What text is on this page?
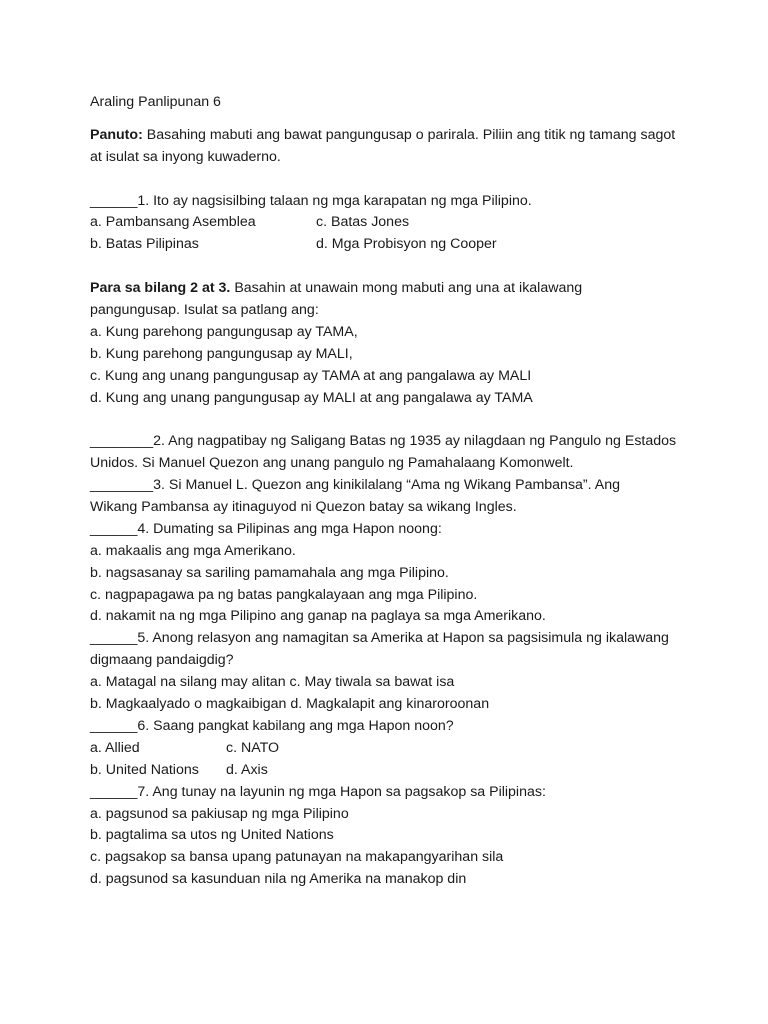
Araling Panlipunan 6
Panuto: Basahing mabuti ang bawat pangungusap o parirala. Piliin ang titik ng tamang sagot
at isulat sa inyong kuwaderno.
______1. Ito ay nagsisilbing talaan ng mga karapatan ng mga Pilipino.
a. Pambansang Asemblea	c. Batas Jones
b. Batas Pilipinas	d. Mga Probisyon ng Cooper
Para sa bilang 2 at 3. Basahin at unawain mong mabuti ang una at ikalawang
pangungusap. Isulat sa patlang ang:
a. Kung parehong pangungusap ay TAMA,
b. Kung parehong pangungusap ay MALI,
c. Kung ang unang pangungusap ay TAMA at ang pangalawa ay MALI
d. Kung ang unang pangungusap ay MALI at ang pangalawa ay TAMA
________2. Ang nagpatibay ng Saligang Batas ng 1935 ay nilagdaan ng Pangulo ng Estados
Unidos. Si Manuel Quezon ang unang pangulo ng Pamahalaang Komonwelt.
________3. Si Manuel L. Quezon ang kinikilalang “Ama ng Wikang Pambansa”. Ang
Wikang Pambansa ay itinaguyod ni Quezon batay sa wikang Ingles.
______4. Dumating sa Pilipinas ang mga Hapon noong:
a. makaalis ang mga Amerikano.
b. nagsasanay sa sariling pamamahala ang mga Pilipino.
c. nagpapagawa pa ng batas pangkalayaan ang mga Pilipino.
d. nakamit na ng mga Pilipino ang ganap na paglaya sa mga Amerikano.
______5. Anong relasyon ang namagitan sa Amerika at Hapon sa pagsisimula ng ikalawang
digmaang pandaigdig?
a. Matagal na silang may alitan c. May tiwala sa bawat isa
b. Magkaalyado o magkaibigan d. Magkalapit ang kinaroroonan
______6. Saang pangkat kabilang ang mga Hapon noon?
a. Allied	c. NATO
b. United Nations	d. Axis
______7. Ang tunay na layunin ng mga Hapon sa pagsakop sa Pilipinas:
a. pagsunod sa pakiusap ng mga Pilipino
b. pagtalima sa utos ng United Nations
c. pagsakop sa bansa upang patunayan na makapangyarihan sila
d. pagsunod sa kasunduan nila ng Amerika na manakop din
